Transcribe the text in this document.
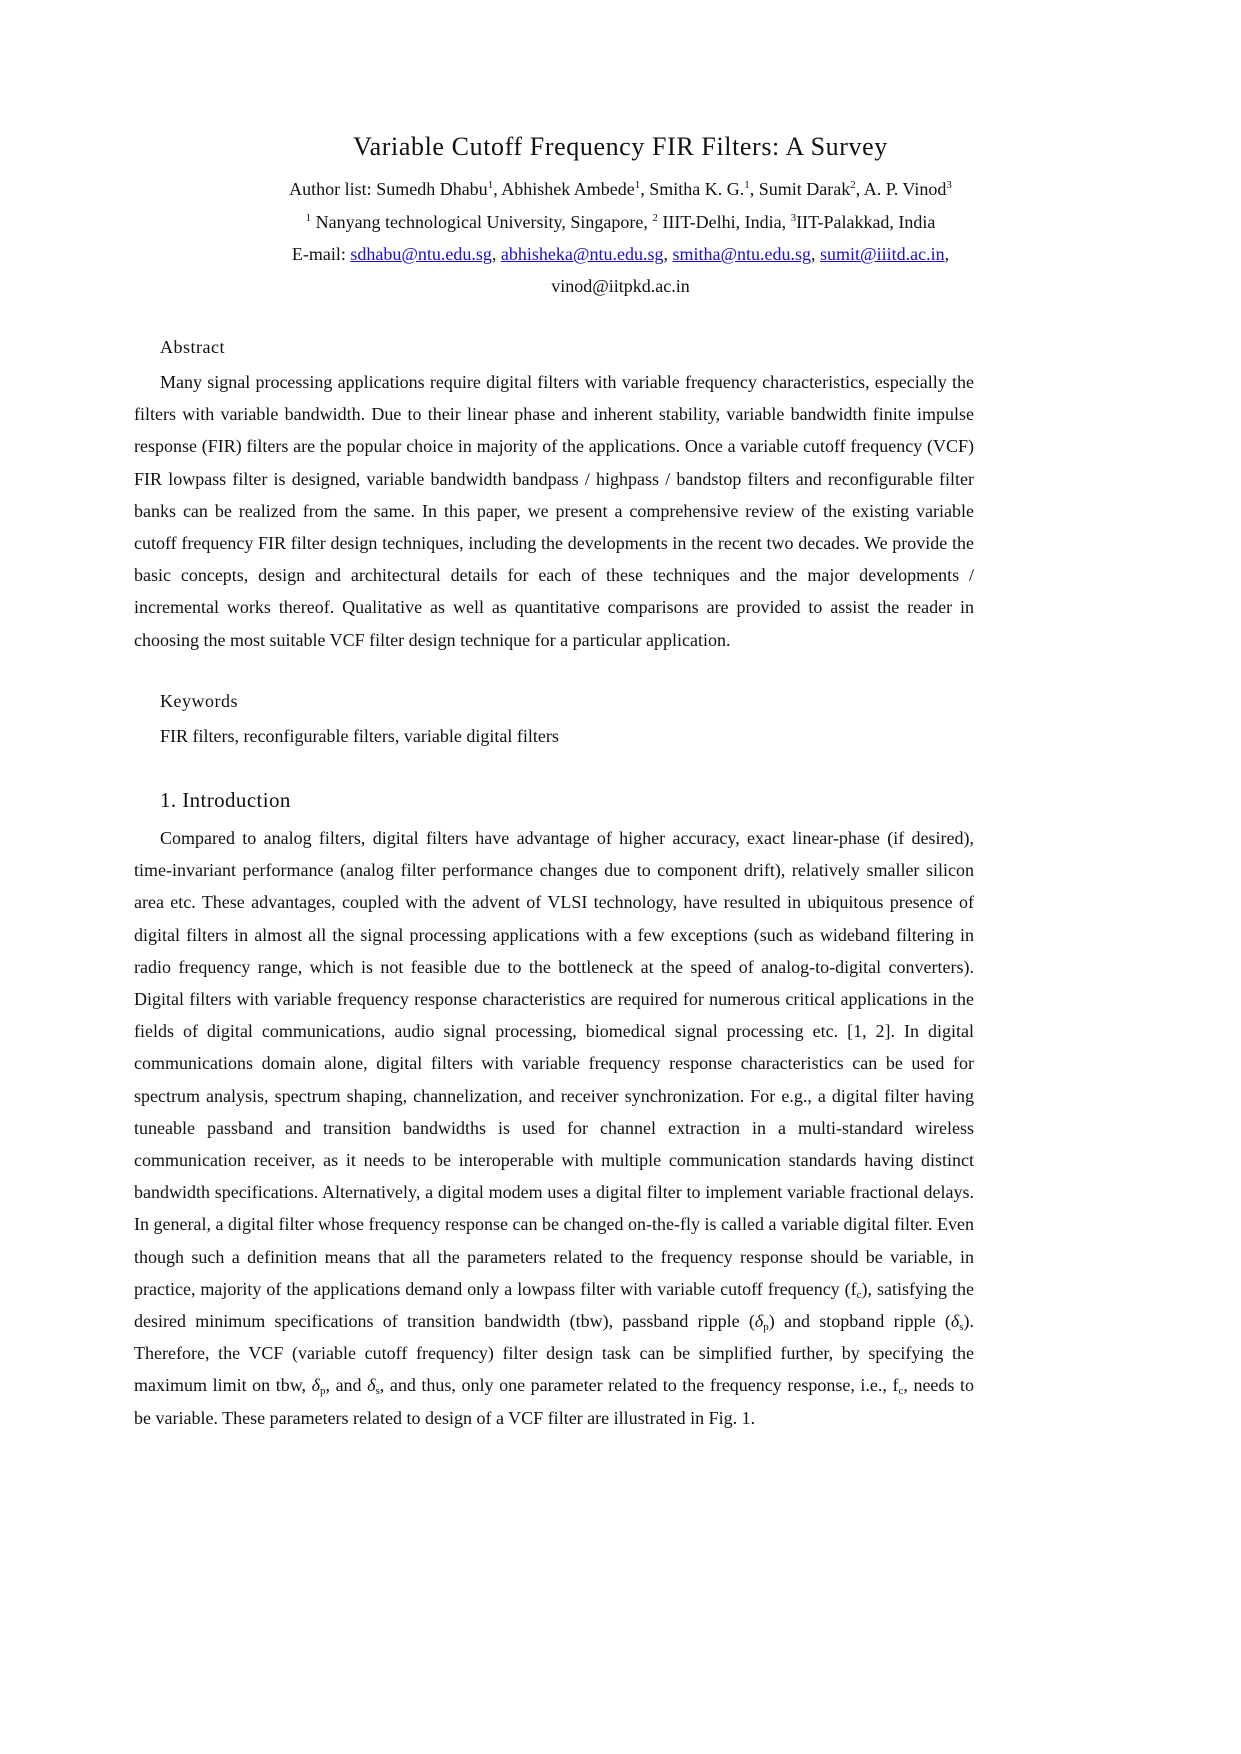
Variable Cutoff Frequency FIR Filters: A Survey
Author list: Sumedh Dhabu$^1$, Abhishek Ambede$^1$, Smitha K. G.$^1$, Sumit Darak$^2$, A. P. Vinod$^3$
$^1$ Nanyang technological University, Singapore, $^2$ IIIT-Delhi, India, $^3$IIT-Palakkad, India
E-mail: sdhabu@ntu.edu.sg, abhisheka@ntu.edu.sg, smitha@ntu.edu.sg, sumit@iiitd.ac.in,
vinod@iitpkd.ac.in
Abstract
Many signal processing applications require digital filters with variable frequency characteristics, especially the filters with variable bandwidth. Due to their linear phase and inherent stability, variable bandwidth finite impulse response (FIR) filters are the popular choice in majority of the applications. Once a variable cutoff frequency (VCF) FIR lowpass filter is designed, variable bandwidth bandpass / highpass / bandstop filters and reconfigurable filter banks can be realized from the same. In this paper, we present a comprehensive review of the existing variable cutoff frequency FIR filter design techniques, including the developments in the recent two decades. We provide the basic concepts, design and architectural details for each of these techniques and the major developments / incremental works thereof. Qualitative as well as quantitative comparisons are provided to assist the reader in choosing the most suitable VCF filter design technique for a particular application.
Keywords
FIR filters, reconfigurable filters, variable digital filters
1. Introduction
Compared to analog filters, digital filters have advantage of higher accuracy, exact linear-phase (if desired), time-invariant performance (analog filter performance changes due to component drift), relatively smaller silicon area etc. These advantages, coupled with the advent of VLSI technology, have resulted in ubiquitous presence of digital filters in almost all the signal processing applications with a few exceptions (such as wideband filtering in radio frequency range, which is not feasible due to the bottleneck at the speed of analog-to-digital converters). Digital filters with variable frequency response characteristics are required for numerous critical applications in the fields of digital communications, audio signal processing, biomedical signal processing etc. [1, 2]. In digital communications domain alone, digital filters with variable frequency response characteristics can be used for spectrum analysis, spectrum shaping, channelization, and receiver synchronization. For e.g., a digital filter having tuneable passband and transition bandwidths is used for channel extraction in a multi-standard wireless communication receiver, as it needs to be interoperable with multiple communication standards having distinct bandwidth specifications. Alternatively, a digital modem uses a digital filter to implement variable fractional delays. In general, a digital filter whose frequency response can be changed on-the-fly is called a variable digital filter. Even though such a definition means that all the parameters related to the frequency response should be variable, in practice, majority of the applications demand only a lowpass filter with variable cutoff frequency $(f_c)$, satisfying the desired minimum specifications of transition bandwidth (tbw), passband ripple $(\delta_p)$ and stopband ripple $(\delta_s)$. Therefore, the VCF (variable cutoff frequency) filter design task can be simplified further, by specifying the maximum limit on tbw, $\delta_p$, and $\delta_s$, and thus, only one parameter related to the frequency response, i.e., $f_c$, needs to be variable. These parameters related to design of a VCF filter are illustrated in Fig. 1.
